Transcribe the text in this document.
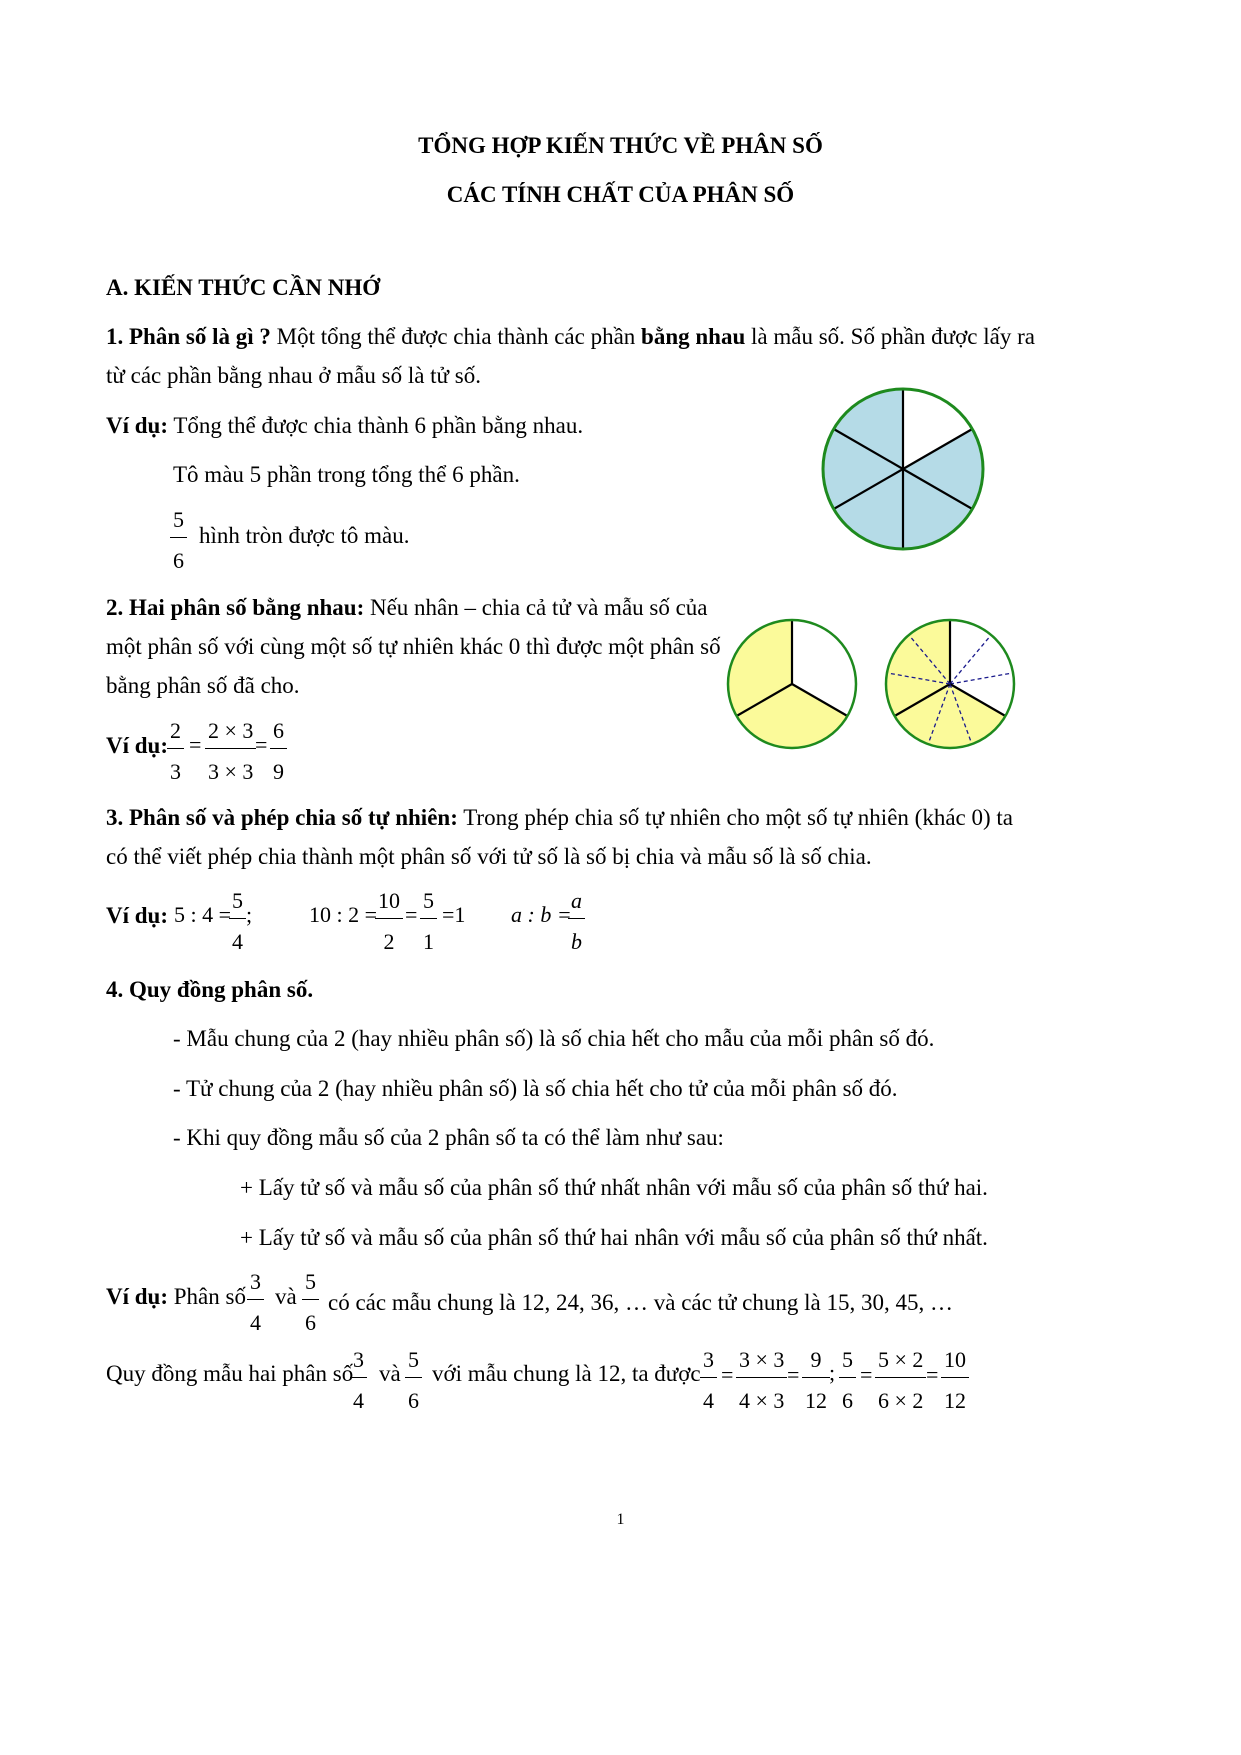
TỔNG HỢP KIẾN THỨC VỀ PHÂN SỐ
CÁC TÍNH CHẤT CỦA PHÂN SỐ
A. KIẾN THỨC CẦN NHỚ
1. Phân số là gì ? Một tổng thể được chia thành các phần bằng nhau là mẫu số. Số phần được lấy ra
từ các phần bằng nhau ở mẫu số là tử số.
Ví dụ: Tổng thể được chia thành 6 phần bằng nhau.
Tô màu 5 phần trong tổng thể 6 phần.
$\frac{5}{6}$ hình tròn được tô màu.
2. Hai phân số bằng nhau: Nếu nhân – chia cả tử và mẫu số của
một phân số với cùng một số tự nhiên khác 0 thì được một phân số
bằng phân số đã cho.
Ví dụ: $\frac{2}{3} = \frac{2 \times 3}{3 \times 3}$
= $\frac{6}{9}$
3. Phân số và phép chia số tự nhiên: Trong phép chia số tự nhiên cho một số tự nhiên (khác 0) ta
có thể viết phép chia thành một phân số với tử số là số bị chia và mẫu số là số chia.
Ví dụ: 5 : 4 =
$\frac{5}{4}$ ;	10 : 2 =
$\frac{10}{2} = \frac{5}{1} =1$ a : b =
$\frac{a}{b}$
4. Quy đồng phân số.
- Mẫu chung của 2 (hay nhiều phân số) là số chia hết cho mẫu của mỗi phân số đó.
- Tử chung của 2 (hay nhiều phân số) là số chia hết cho tử của mỗi phân số đó.
- Khi quy đồng mẫu số của 2 phân số ta có thể làm như sau:
+ Lấy tử số và mẫu số của phân số thứ nhất nhân với mẫu số của phân số thứ hai.
+ Lấy tử số và mẫu số của phân số thứ hai nhân với mẫu số của phân số thứ nhất.
Ví dụ: Phân số $\frac{3}{4}$ và $\frac{5}{6}$ có các mẫu chung là 12, 24, 36, … và các tử chung là 15, 30, 45, …
Quy đồng mẫu hai phân số
$\frac{3}{4}$ và $\frac{5}{6}$ với mẫu chung là 12, ta được $\frac{3}{4} = \frac{3 \times 3}{4 \times 3} = \frac{9}{12}$ ; $\frac{5}{6} = \frac{5 \times 2}{6 \times 2} = \frac{10}{12}$
1
